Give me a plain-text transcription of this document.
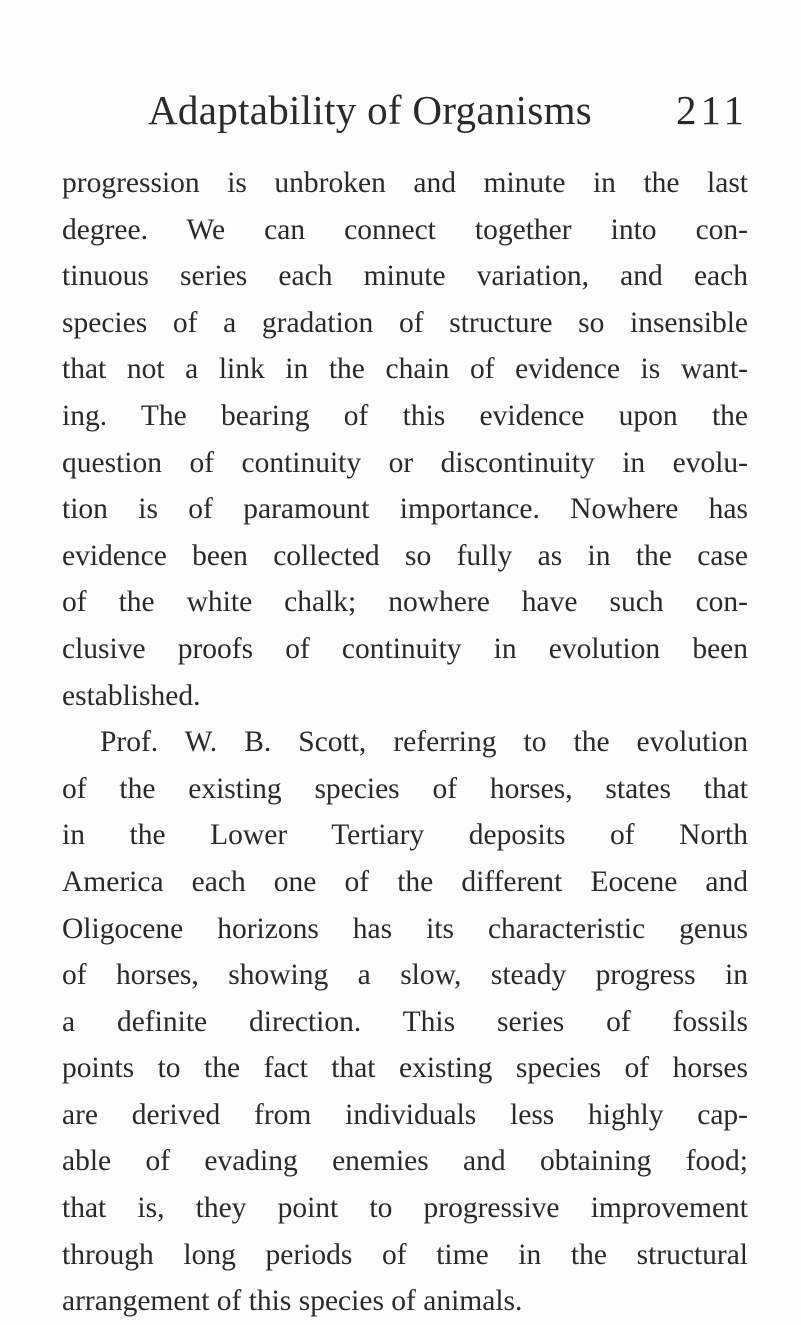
Adaptability of Organisms 211
progression is unbroken and minute in the last
degree. We can connect together into con-
tinuous series each minute variation, and each
species of a gradation of structure so insensible
that not a link in the chain of evidence is want-
ing. The bearing of this evidence upon the
question of continuity or discontinuity in evolu-
tion is of paramount importance. Nowhere has
evidence been collected so fully as in the case
of the white chalk; nowhere have such con-
clusive proofs of continuity in evolution been
established.
Prof. W. B. Scott, referring to the evolution
of the existing species of horses, states that
in the Lower Tertiary deposits of North
America each one of the different Eocene and
Oligocene horizons has its characteristic genus
of horses, showing a slow, steady progress in
a definite direction. This series of fossils
points to the fact that existing species of horses
are derived from individuals less highly cap-
able of evading enemies and obtaining food;
that is, they point to progressive improvement
through long periods of time in the structural
arrangement of this species of animals.
